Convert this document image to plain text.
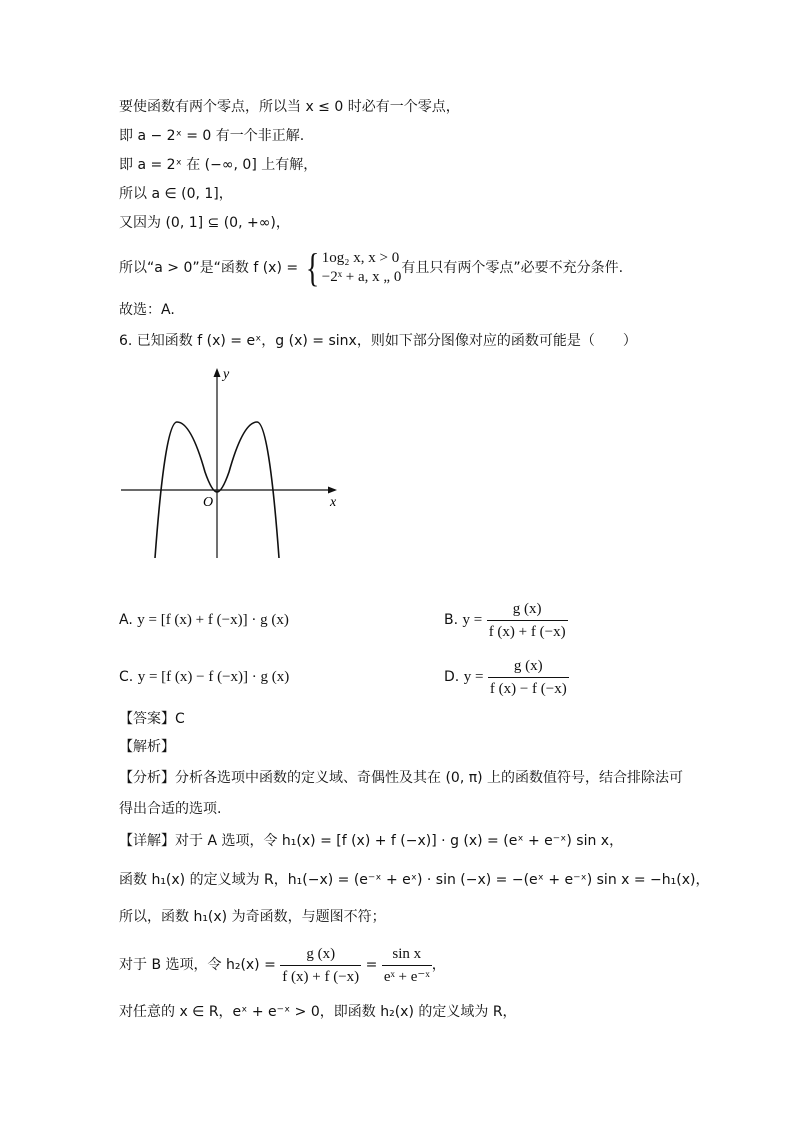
要使函数有两个零点，所以当 x ≤ 0 时必有一个零点，
即 a − 2ˣ = 0 有一个非正解.
即 a = 2ˣ 在 (−∞, 0] 上有解，
所以 a ∈ (0, 1]，
又因为 (0, 1] ⊆ (0, +∞)，
所以“a > 0”是“函数 f (x) = { 1og₂ x, x > 0
−2ˣ + a, x „ 0
有且只有两个零点”必要不充分条件.
故选：A.
6. 已知函数 f (x) = eˣ，g (x) = sinx，则如下部分图像对应的函数可能是（　　）
y
x
O
A. y = [f (x) + f (−x)] · g (x)	B. $y = \frac{g (x)}{f (x) + f (-x)}$
C. y = [f (x) − f (−x)] · g (x)	D. $y = \frac{g (x)}{f (x) - f (-x)}$
【答案】C
【解析】
【分析】分析各选项中函数的定义域、奇偶性及其在 (0, π) 上的函数值符号，结合排除法可
得出合适的选项.
【详解】对于 A 选项，令 h₁(x) = [f (x) + f (−x)] · g (x) = (eˣ + e⁻ˣ) sin x，
函数 h₁(x) 的定义域为 R，h₁(−x) = (e⁻ˣ + eˣ) · sin (−x) = −(eˣ + e⁻ˣ) sin x = −h₁(x)，
所以，函数 h₁(x) 为奇函数，与题图不符；
对于 B 选项，令 $h_2(x) = \frac{g (x)}{f (x) + f (-x)} = \frac{\text{sin x}}{\text{eˣ + e⁻ˣ}}$ ，
对任意的 x ∈ R，eˣ + e⁻ˣ > 0，即函数 h₂(x) 的定义域为 R，
